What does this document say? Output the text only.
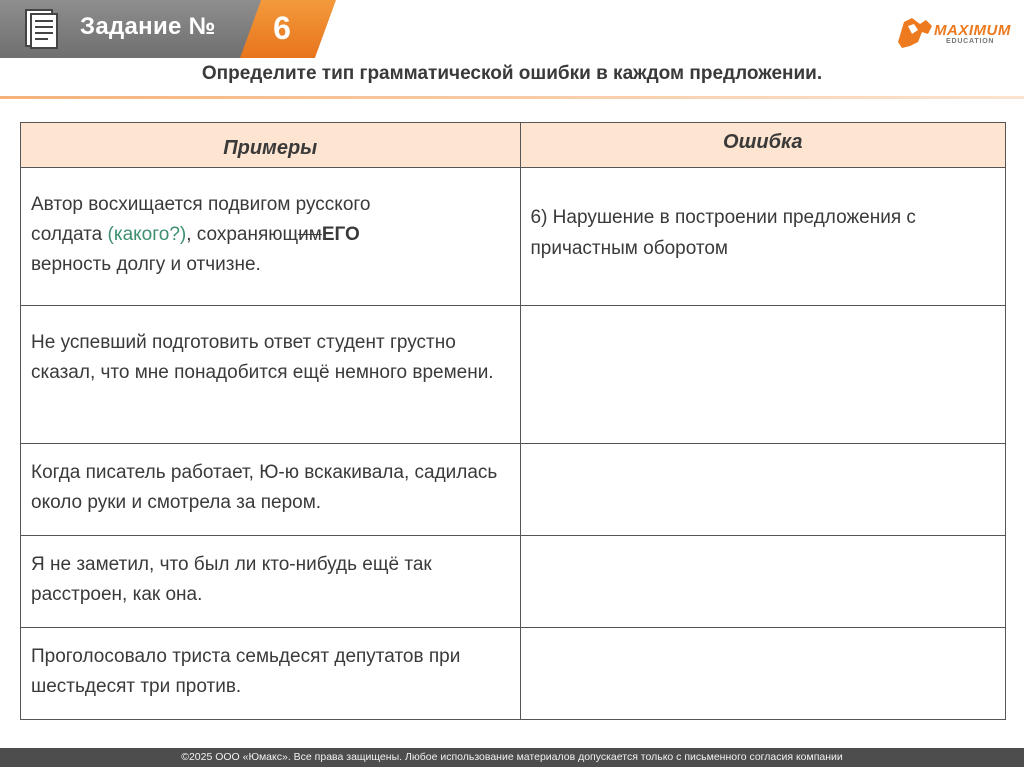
Задание №	6	MAXIMUM
EDUCATION
Определите тип грамматической ошибки в каждом предложении.
Примеры	Ошибка

Автор восхищается подвигом русского
солдата (какого?), сохраняющимЕГО
верность долгу и отчизне.	6) Нарушение в построении предложения с причастным оборотом
Не успевший подготовить ответ студент грустно сказал, что мне понадобится ещё немного времени.	
Когда писатель работает, Ю-ю вскакивала, садилась около руки и смотрела за пером.	
Я не заметил, что был ли кто-нибудь ещё так расстроен, как она.	
Проголосовало триста семьдесят депутатов при шестьдесят три против.	
©2025 ООО «Юмакс». Все права защищены. Любое использование материалов допускается только с письменного согласия компании
